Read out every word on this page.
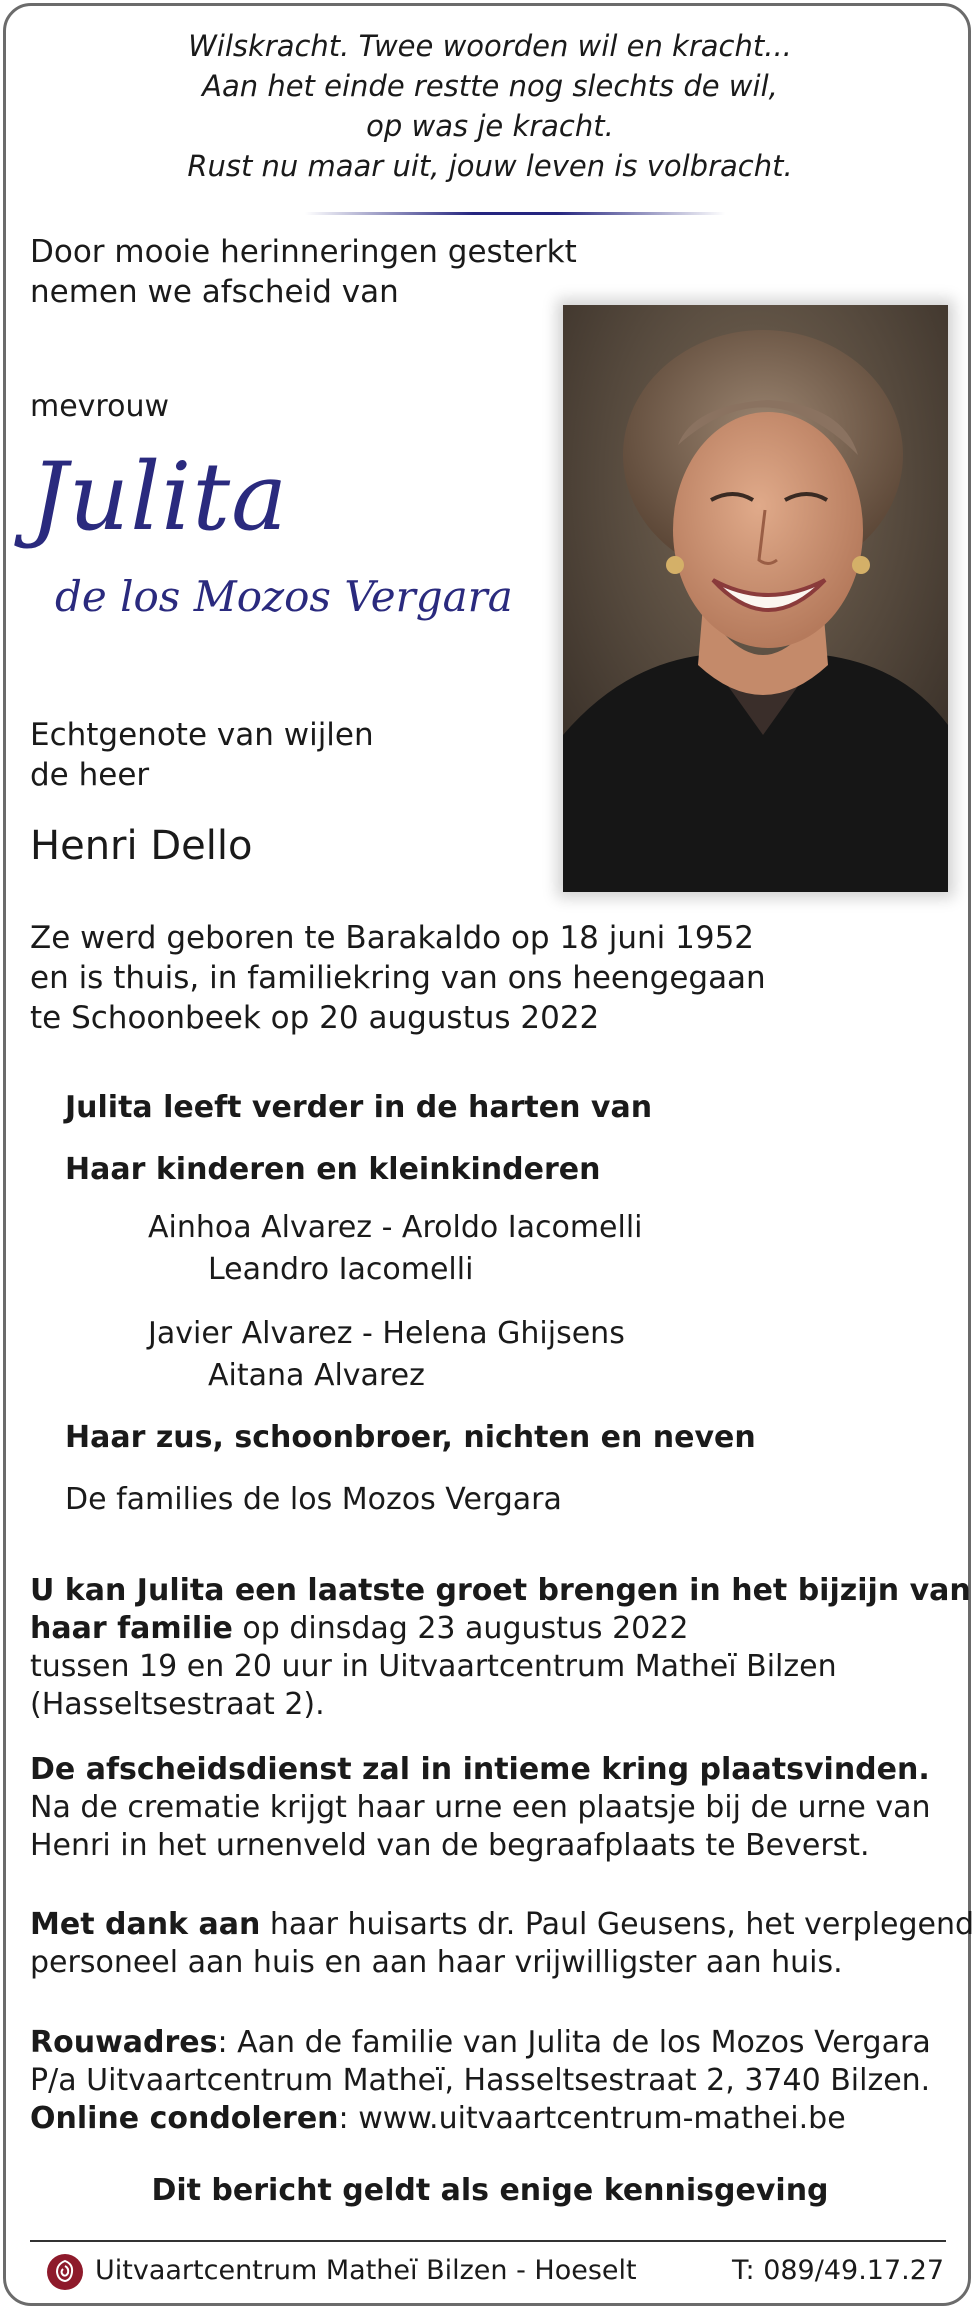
Wilskracht. Twee woorden wil en kracht...
Aan het einde restte nog slechts de wil,
op was je kracht.
Rust nu maar uit, jouw leven is volbracht.
Door mooie herinneringen gesterkt
nemen we afscheid van
mevrouw
Julita
de los Mozos Vergara
Echtgenote van wijlen
de heer
Henri Dello
Ze werd geboren te Barakaldo op 18 juni 1952
en is thuis, in familiekring van ons heengegaan
te Schoonbeek op 20 augustus 2022
Julita leeft verder in de harten van
Haar kinderen en kleinkinderen
Ainhoa Alvarez - Aroldo Iacomelli
Leandro Iacomelli
Javier Alvarez - Helena Ghijsens
Aitana Alvarez
Haar zus, schoonbroer, nichten en neven
De families de los Mozos Vergara
U kan Julita een laatste groet brengen in het bijzijn van
haar familie op dinsdag 23 augustus 2022
tussen 19 en 20 uur in Uitvaartcentrum Matheï Bilzen
(Hasseltsestraat 2).
De afscheidsdienst zal in intieme kring plaatsvinden.
Na de crematie krijgt haar urne een plaatsje bij de urne van
Henri in het urnenveld van de begraafplaats te Beverst.
Met dank aan haar huisarts dr. Paul Geusens, het verplegend
personeel aan huis en aan haar vrijwilligster aan huis.
Rouwadres: Aan de familie van Julita de los Mozos Vergara
P/a Uitvaartcentrum Matheï, Hasseltsestraat 2, 3740 Bilzen.
Online condoleren: www.uitvaartcentrum-mathei.be
Dit bericht geldt als enige kennisgeving
Uitvaartcentrum Matheï Bilzen - Hoeselt	T: 089/49.17.27
